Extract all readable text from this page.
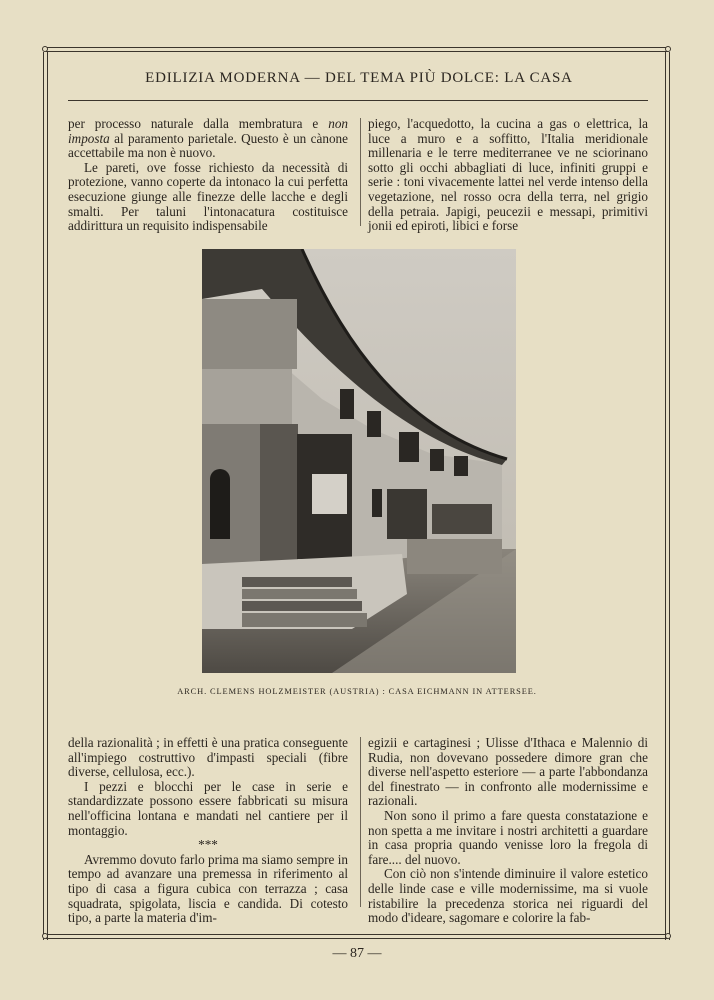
EDILIZIA MODERNA — DEL TEMA PIÙ DOLCE: LA CASA

per processo naturale dalla membratura e non imposta al paramento parietale. Questo è un cànone accettabile ma non è nuovo.

Le pareti, ove fosse richiesto da necessità di protezione, vanno coperte da intonaco la cui perfetta esecuzione giunge alle finezze delle lacche e degli smalti. Per taluni l'intonacatura costituisce addirittura un requisito indispensabile

piego, l'acquedotto, la cucina a gas o elettrica, la luce a muro e a soffitto, l'Italia meridionale millenaria e le terre mediterranee ve ne sciorinano sotto gli occhi abbagliati di luce, infiniti gruppi e serie : toni vivacemente lattei nel verde intenso della vegetazione, nel rosso ocra della terra, nel grigio della petraia. Japigi, peucezii e messapi, primitivi jonii ed epiroti, libici e forse

ARCH. CLEMENS HOLZMEISTER (AUSTRIA) : CASA EICHMANN IN ATTERSEE.

della razionalità ; in effetti è una pratica conseguente all'impiego costruttivo d'impasti speciali (fibre diverse, cellulosa, ecc.).

I pezzi e blocchi per le case in serie e standardizzate possono essere fabbricati su misura nell'officina lontana e mandati nel cantiere per il montaggio.

***

Avremmo dovuto farlo prima ma siamo sempre in tempo ad avanzare una premessa in riferimento al tipo di casa a figura cubica con terrazza ; casa squadrata, spigolata, liscia e candida. Di cotesto tipo, a parte la materia d'im-

egizii e cartaginesi ; Ulisse d'Ithaca e Malennio di Rudia, non dovevano possedere dimore gran che diverse nell'aspetto esteriore — a parte l'abbondanza del finestrato — in confronto alle modernissime e razionali.

Non sono il primo a fare questa constatazione e non spetta a me invitare i nostri architetti a guardare in casa propria quando venisse loro la fregola di fare.... del nuovo.

Con ciò non s'intende diminuire il valore estetico delle linde case e ville modernissime, ma si vuole ristabilire la precedenza storica nei riguardi del modo d'ideare, sagomare e colorire la fab-

— 87 —
